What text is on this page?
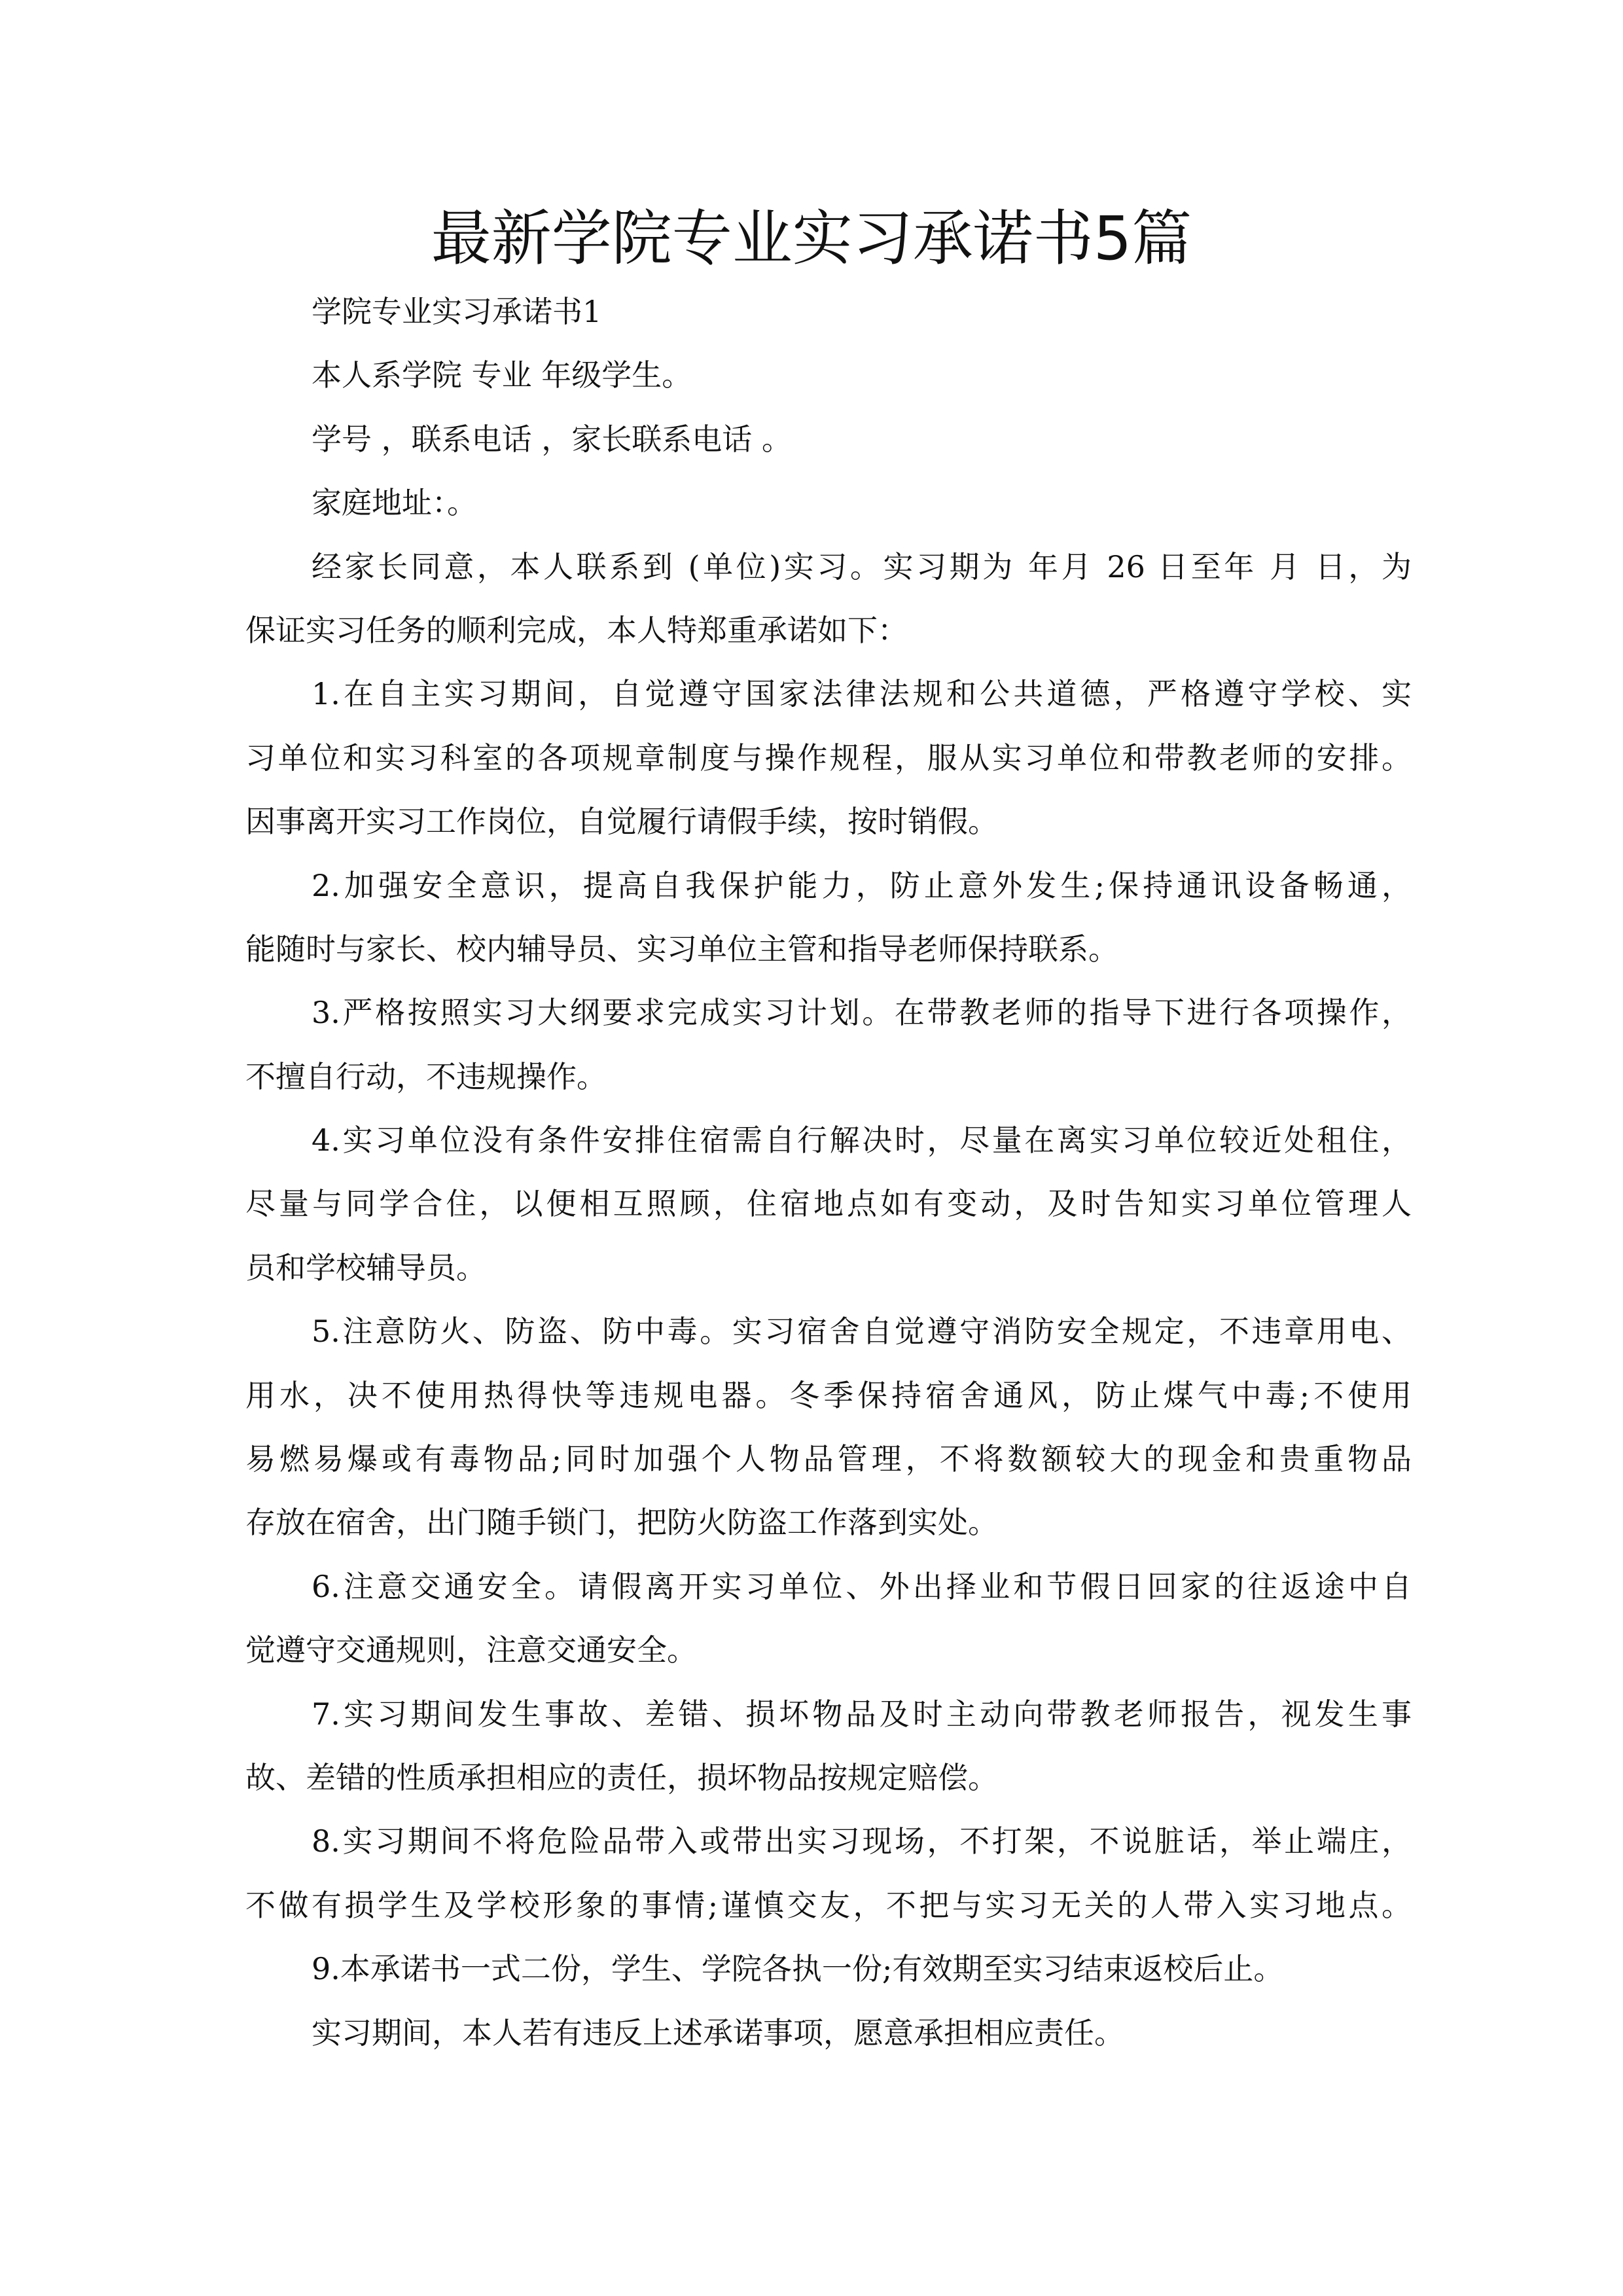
最新学院专业实习承诺书5篇
学院专业实习承诺书1
本人系学院 专业 年级学生。
学号 ，联系电话 ，家长联系电话 。
家庭地址：。
经家长同意，本人联系到 (单位)实习。实习期为 年月 26 日至年 月 日，为
保证实习任务的顺利完成，本人特郑重承诺如下：
1.在自主实习期间，自觉遵守国家法律法规和公共道德，严格遵守学校、实
习单位和实习科室的各项规章制度与操作规程，服从实习单位和带教老师的安排。
因事离开实习工作岗位，自觉履行请假手续，按时销假。
2.加强安全意识，提高自我保护能力，防止意外发生;保持通讯设备畅通，
能随时与家长、校内辅导员、实习单位主管和指导老师保持联系。
3.严格按照实习大纲要求完成实习计划。在带教老师的指导下进行各项操作，
不擅自行动，不违规操作。
4.实习单位没有条件安排住宿需自行解决时，尽量在离实习单位较近处租住，
尽量与同学合住，以便相互照顾，住宿地点如有变动，及时告知实习单位管理人
员和学校辅导员。
5.注意防火、防盗、防中毒。实习宿舍自觉遵守消防安全规定，不违章用电、
用水，决不使用热得快等违规电器。冬季保持宿舍通风，防止煤气中毒;不使用
易燃易爆或有毒物品;同时加强个人物品管理，不将数额较大的现金和贵重物品
存放在宿舍，出门随手锁门，把防火防盗工作落到实处。
6.注意交通安全。请假离开实习单位、外出择业和节假日回家的往返途中自
觉遵守交通规则，注意交通安全。
7.实习期间发生事故、差错、损坏物品及时主动向带教老师报告，视发生事
故、差错的性质承担相应的责任，损坏物品按规定赔偿。
8.实习期间不将危险品带入或带出实习现场，不打架，不说脏话，举止端庄，
不做有损学生及学校形象的事情;谨慎交友，不把与实习无关的人带入实习地点。
9.本承诺书一式二份，学生、学院各执一份;有效期至实习结束返校后止。
实习期间，本人若有违反上述承诺事项，愿意承担相应责任。
